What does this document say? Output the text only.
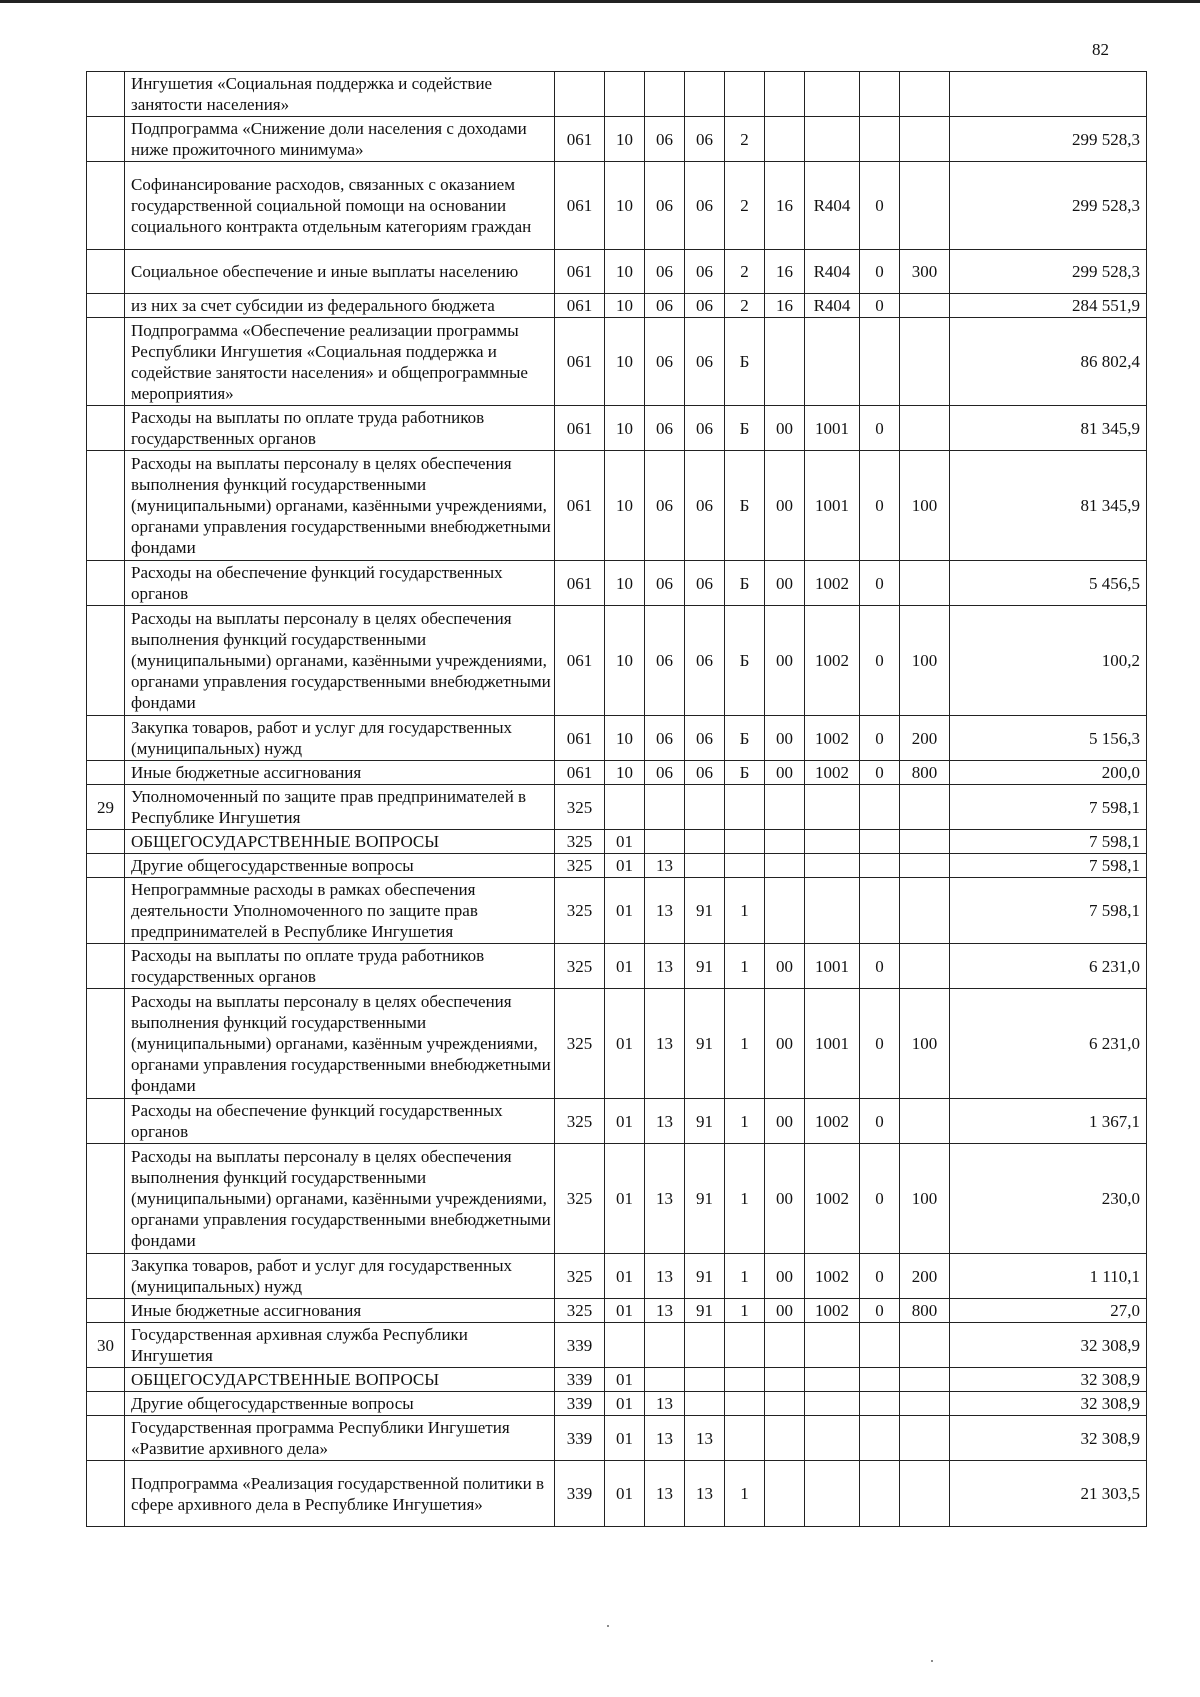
82
	Ингушетия «Социальная поддержка и содействие занятости населения»										
	Подпрограмма «Снижение доли населения с доходами ниже прожиточного минимума»	061	10	06	06	2					299 528,3
	Софинансирование расходов, связанных с оказанием государственной социальной помощи на основании социального контракта отдельным категориям граждан	061	10	06	06	2	16	R404	0		299 528,3
	Социальное обеспечение и иные выплаты населению	061	10	06	06	2	16	R404	0	300	299 528,3
	из них за счет субсидии из федерального бюджета	061	10	06	06	2	16	R404	0		284 551,9
	Подпрограмма «Обеспечение реализации программы Республики Ингушетия «Социальная поддержка и содействие занятости населения» и общепрограммные мероприятия»	061	10	06	06	Б					86 802,4
	Расходы на выплаты по оплате труда работников государственных органов	061	10	06	06	Б	00	1001	0		81 345,9
	Расходы на выплаты персоналу в целях обеспечения выполнения функций государственными (муниципальными) органами, казёнными учреждениями, органами управления государственными внебюджетными фондами	061	10	06	06	Б	00	1001	0	100	81 345,9
	Расходы на обеспечение функций государственных органов	061	10	06	06	Б	00	1002	0		5 456,5
	Расходы на выплаты персоналу в целях обеспечения выполнения функций государственными (муниципальными) органами, казёнными учреждениями, органами управления государственными внебюджетными фондами	061	10	06	06	Б	00	1002	0	100	100,2
	Закупка товаров, работ и услуг для государственных (муниципальных) нужд	061	10	06	06	Б	00	1002	0	200	5 156,3
	Иные бюджетные ассигнования	061	10	06	06	Б	00	1002	0	800	200,0
29	Уполномоченный по защите прав предпринимателей в Республике Ингушетия	325									7 598,1
	ОБЩЕГОСУДАРСТВЕННЫЕ ВОПРОСЫ	325	01								7 598,1
	Другие общегосударственные вопросы	325	01	13							7 598,1
	Непрограммные расходы в рамках обеспечения деятельности Уполномоченного по защите прав предпринимателей в Республике Ингушетия	325	01	13	91	1					7 598,1
	Расходы на выплаты по оплате труда работников государственных органов	325	01	13	91	1	00	1001	0		6 231,0
	Расходы на выплаты персоналу в целях обеспечения выполнения функций государственными (муниципальными) органами, казённым учреждениями, органами управления государственными внебюджетными фондами	325	01	13	91	1	00	1001	0	100	6 231,0
	Расходы на обеспечение функций государственных органов	325	01	13	91	1	00	1002	0		1 367,1
	Расходы на выплаты персоналу в целях обеспечения выполнения функций государственными (муниципальными) органами, казёнными учреждениями, органами управления государственными внебюджетными фондами	325	01	13	91	1	00	1002	0	100	230,0
	Закупка товаров, работ и услуг для государственных (муниципальных) нужд	325	01	13	91	1	00	1002	0	200	1 110,1
	Иные бюджетные ассигнования	325	01	13	91	1	00	1002	0	800	27,0
30	Государственная архивная служба Республики Ингушетия	339									32 308,9
	ОБЩЕГОСУДАРСТВЕННЫЕ ВОПРОСЫ	339	01								32 308,9
	Другие общегосударственные вопросы	339	01	13							32 308,9
	Государственная программа Республики Ингушетия «Развитие архивного дела»	339	01	13	13						32 308,9
	Подпрограмма «Реализация государственной политики в сфере архивного дела в Республике Ингушетия»	339	01	13	13	1					21 303,5
